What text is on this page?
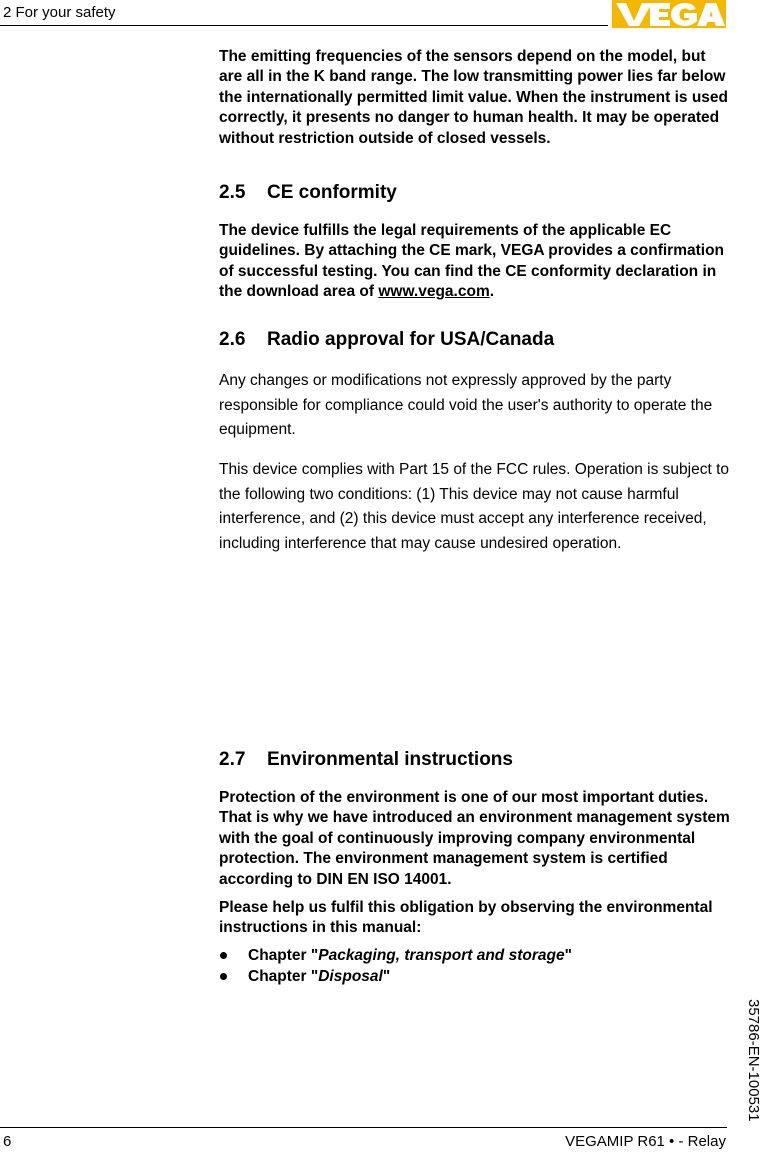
2 For your safety

The emitting frequencies of the sensors depend on the model, but are all in the K band range. The low transmitting power lies far below the internationally permitted limit value. When the instrument is used correctly, it presents no danger to human health. It may be operated without restriction outside of closed vessels.

2.5 CE conformity

The device fulfills the legal requirements of the applicable EC guidelines. By attaching the CE mark, VEGA provides a confirmation of successful testing. You can find the CE conformity declaration in the download area of www.vega.com.

2.6 Radio approval for USA/Canada

Any changes or modifications not expressly approved by the party responsible for compliance could void the user's authority to operate the equipment.

This device complies with Part 15 of the FCC rules. Operation is subject to the following two conditions: (1) This device may not cause harmful interference, and (2) this device must accept any interference received, including interference that may cause undesired operation.

2.7 Environmental instructions

Protection of the environment is one of our most important duties. That is why we have introduced an environment management system with the goal of continuously improving company environmental protection. The environment management system is certified according to DIN EN ISO 14001.

Please help us fulfil this obligation by observing the environmental instructions in this manual:

Chapter "Packaging, transport and storage"
Chapter "Disposal"
35786-EN-100531
6	VEGAMIP R61 • - Relay
